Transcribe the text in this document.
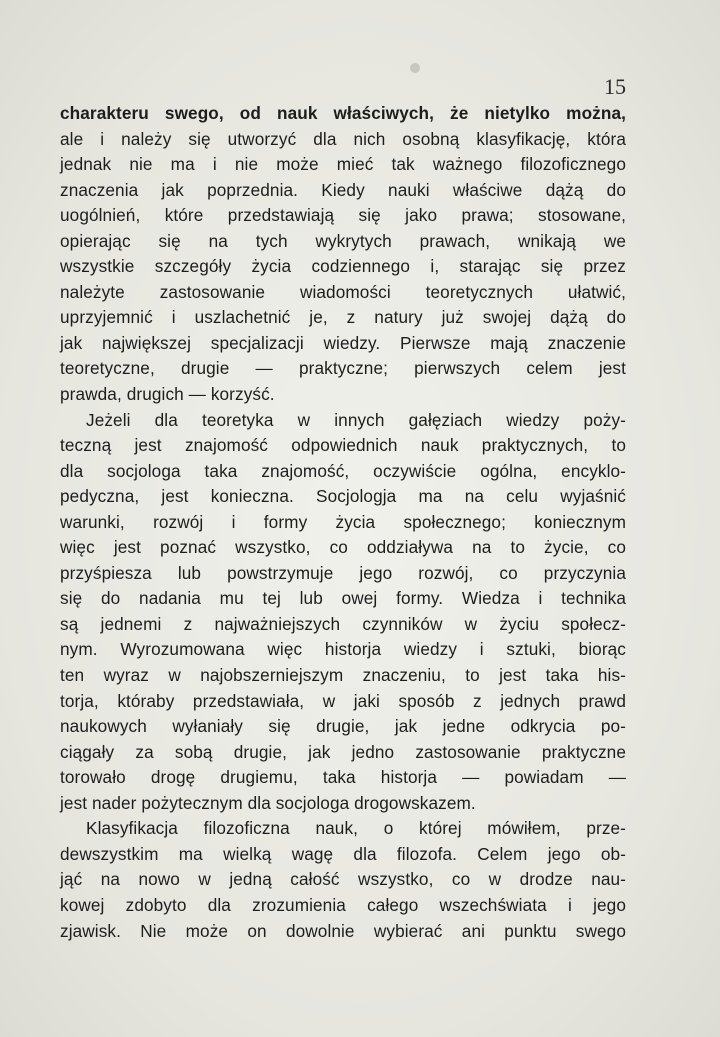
15
charakteru swego, od nauk właściwych, że nietylko można,
ale i należy się utworzyć dla nich osobną klasyfikację, która
jednak nie ma i nie może mieć tak ważnego filozoficznego
znaczenia jak poprzednia. Kiedy nauki właściwe dążą do
uogólnień, które przedstawiają się jako prawa; stosowane,
opierając się na tych wykrytych prawach, wnikają we
wszystkie szczegóły życia codziennego i, starając się przez
należyte zastosowanie wiadomości teoretycznych ułatwić,
uprzyjemnić i uszlachetnić je, z natury już swojej dążą do
jak największej specjalizacji wiedzy. Pierwsze mają znaczenie
teoretyczne, drugie — praktyczne; pierwszych celem jest
prawda, drugich — korzyść.
Jeżeli dla teoretyka w innych gałęziach wiedzy poży-
teczną jest znajomość odpowiednich nauk praktycznych, to
dla socjologa taka znajomość, oczywiście ogólna, encyklo-
pedyczna, jest konieczna. Socjologja ma na celu wyjaśnić
warunki, rozwój i formy życia społecznego; koniecznym
więc jest poznać wszystko, co oddziaływa na to życie, co
przyśpiesza lub powstrzymuje jego rozwój, co przyczynia
się do nadania mu tej lub owej formy. Wiedza i technika
są jednemi z najważniejszych czynników w życiu społecz-
nym. Wyrozumowana więc historja wiedzy i sztuki, biorąc
ten wyraz w najobszerniejszym znaczeniu, to jest taka his-
torja, któraby przedstawiała, w jaki sposób z jednych prawd
naukowych wyłaniały się drugie, jak jedne odkrycia po-
ciągały za sobą drugie, jak jedno zastosowanie praktyczne
torowało drogę drugiemu, taka historja — powiadam —
jest nader pożytecznym dla socjologa drogowskazem.
Klasyfikacja filozoficzna nauk, o której mówiłem, prze-
dewszystkim ma wielką wagę dla filozofa. Celem jego ob-
jąć na nowo w jedną całość wszystko, co w drodze nau-
kowej zdobyto dla zrozumienia całego wszechświata i jego
zjawisk. Nie może on dowolnie wybierać ani punktu swego
